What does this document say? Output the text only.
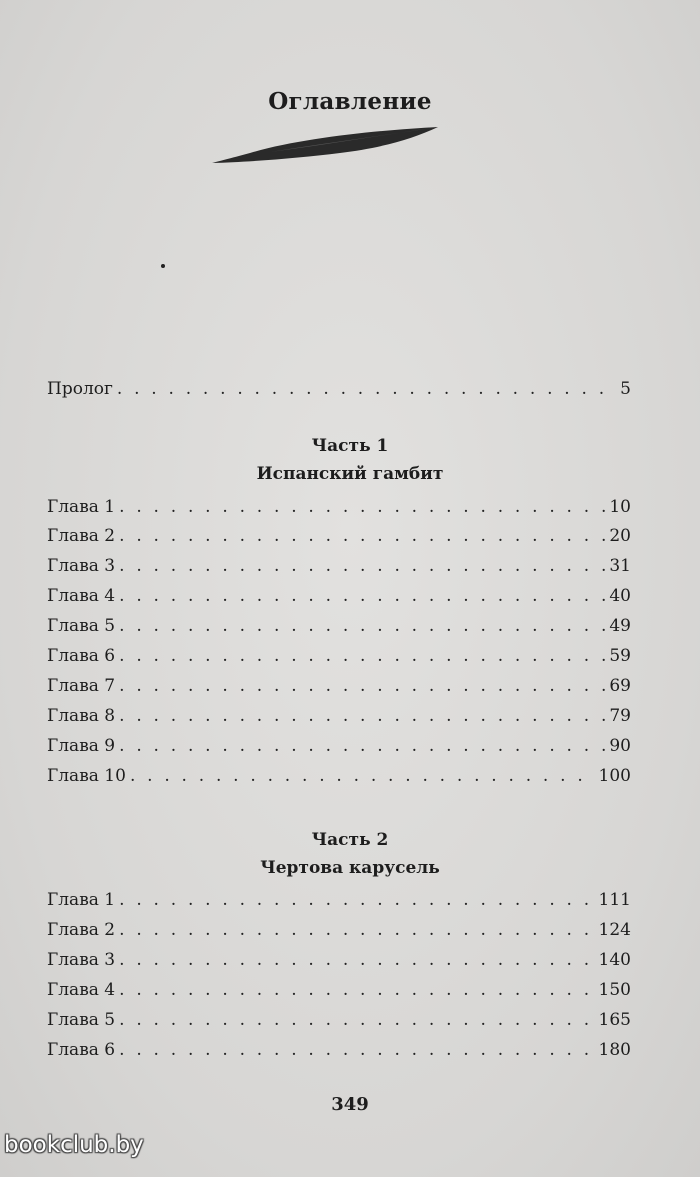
Оглавление
Пролог . . .	5
Часть 1
Испанский гамбит
Глава 1 . . .	10
Глава 2 . . .	20
Глава 3 . . .	31
Глава 4 . . .	40
Глава 5 . . .	49
Глава 6 . . .	59
Глава 7 . . .	69
Глава 8 . . .	79
Глава 9 . . .	90
Глава 10 . . .	100
Часть 2
Чертова карусель
Глава 1 . . .	111
Глава 2 . . .	124
Глава 3 . . .	140
Глава 4 . . .	150
Глава 5 . . .	165
Глава 6 . . .	180
349
bookclub.by
